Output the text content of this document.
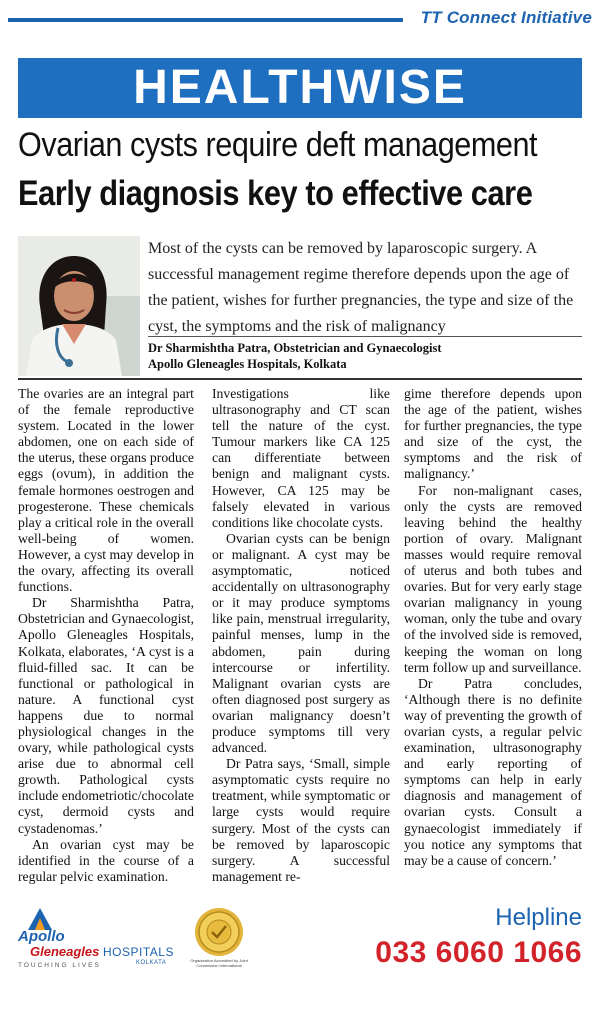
TT Connect Initiative
HEALTHWISE
Ovarian cysts require deft management
Early diagnosis key to effective care
Most of the cysts can be removed by laparoscopic surgery. A successful management regime therefore depends upon the age of the patient, wishes for further pregnancies, the type and size of the cyst, the symptoms and the risk of malignancy
Dr Sharmishtha Patra, Obstetrician and Gynaecologist
Apollo Gleneagles Hospitals, Kolkata

The ovaries are an integral part of the female reproductive system. Located in the lower abdomen, one on each side of the uterus, these organs produce eggs (ovum), in addition the female hormones oestrogen and progesterone. These chemicals play a critical role in the overall well-being of women. However, a cyst may develop in the ovary, affecting its overall functions.

Dr Sharmishtha Patra, Obstetrician and Gynaecologist, Apollo Gleneagles Hospitals, Kolkata, elaborates, ‘A cyst is a fluid-filled sac. It can be functional or pathological in nature. A functional cyst happens due to normal physiological changes in the ovary, while pathological cysts arise due to abnormal cell growth. Pathological cysts include endometriotic/chocolate cyst, dermoid cysts and cystadenomas.’

An ovarian cyst may be identified in the course of a regular pelvic examination.

Investigations like ultrasonography and CT scan tell the nature of the cyst. Tumour markers like CA 125 can differentiate between benign and malignant cysts. However, CA 125 may be falsely elevated in various conditions like chocolate cysts.

Ovarian cysts can be benign or malignant. A cyst may be asymptomatic, noticed accidentally on ultrasonography or it may produce symptoms like pain, menstrual irregularity, painful menses, lump in the abdomen, pain during intercourse or infertility. Malignant ovarian cysts are often diagnosed post surgery as ovarian malignancy doesn’t produce symptoms till very advanced.

Dr Patra says, ‘Small, simple asymptomatic cysts require no treatment, while symptomatic or large cysts would require surgery. Most of the cysts can be removed by laparoscopic surgery. A successful management re-

gime therefore depends upon the age of the patient, wishes for further pregnancies, the type and size of the cyst, the symptoms and the risk of malignancy.’

For non-malignant cases, only the cysts are removed leaving behind the healthy portion of ovary. Malignant masses would require removal of uterus and both tubes and ovaries. But for very early stage ovarian malignancy in young woman, only the tube and ovary of the involved side is removed, keeping the woman on long term follow up and surveillance.

Dr Patra concludes, ‘Although there is no definite way of preventing the growth of ovarian cysts, a regular pelvic examination, ultrasonography and early reporting of symptoms can help in early diagnosis and management of ovarian cysts. Consult a gynaecologist immediately if you notice any symptoms that may be a cause of concern.’

Apollo
Gleneagles HOSPITALS
KOLKATA
TOUCHING LIVES
Organisation Accredited by Joint Commission International
Helpline
033 6060 1066
